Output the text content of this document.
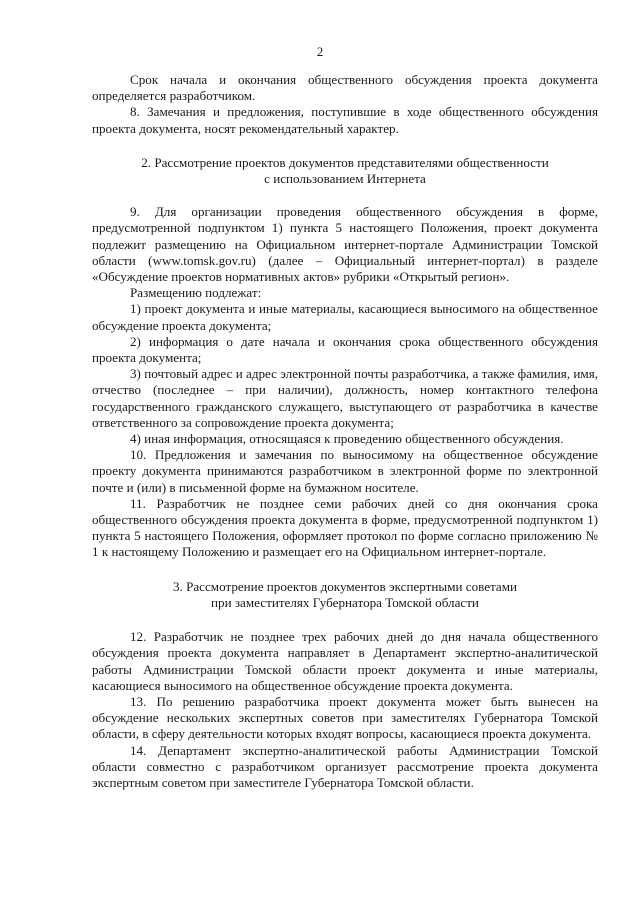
2

Срок начала и окончания общественного обсуждения проекта документа определяется разработчиком.

8. Замечания и предложения, поступившие в ходе общественного обсуждения проекта документа, носят рекомендательный характер.

2. Рассмотрение проектов документов представителями общественности

с использованием Интернета

9. Для организации проведения общественного обсуждения в форме, предусмотренной подпунктом 1) пункта 5 настоящего Положения, проект документа подлежит размещению на Официальном интернет-портале Администрации Томской области (www.tomsk.gov.ru) (далее – Официальный интернет-портал) в разделе «Обсуждение проектов нормативных актов» рубрики «Открытый регион».

Размещению подлежат:

1) проект документа и иные материалы, касающиеся выносимого на общественное обсуждение проекта документа;

2) информация о дате начала и окончания срока общественного обсуждения проекта документа;

3) почтовый адрес и адрес электронной почты разработчика, а также фамилия, имя, отчество (последнее – при наличии), должность, номер контактного телефона государственного гражданского служащего, выступающего от разработчика в качестве ответственного за сопровождение проекта документа;

4) иная информация, относящаяся к проведению общественного обсуждения.

10. Предложения и замечания по выносимому на общественное обсуждение проекту документа принимаются разработчиком в электронной форме по электронной почте и (или) в письменной форме на бумажном носителе.

11. Разработчик не позднее семи рабочих дней со дня окончания срока общественного обсуждения проекта документа в форме, предусмотренной подпунктом 1) пункта 5 настоящего Положения, оформляет протокол по форме согласно приложению № 1 к настоящему Положению и размещает его на Официальном интернет-портале.

3. Рассмотрение проектов документов экспертными советами

при заместителях Губернатора Томской области

12. Разработчик не позднее трех рабочих дней до дня начала общественного обсуждения проекта документа направляет в Департамент экспертно-аналитической работы Администрации Томской области проект документа и иные материалы, касающиеся выносимого на общественное обсуждение проекта документа.

13. По решению разработчика проект документа может быть вынесен на обсуждение нескольких экспертных советов при заместителях Губернатора Томской области, в сферу деятельности которых входят вопросы, касающиеся проекта документа.

14. Департамент экспертно-аналитической работы Администрации Томской области совместно с разработчиком организует рассмотрение проекта документа экспертным советом при заместителе Губернатора Томской области.
